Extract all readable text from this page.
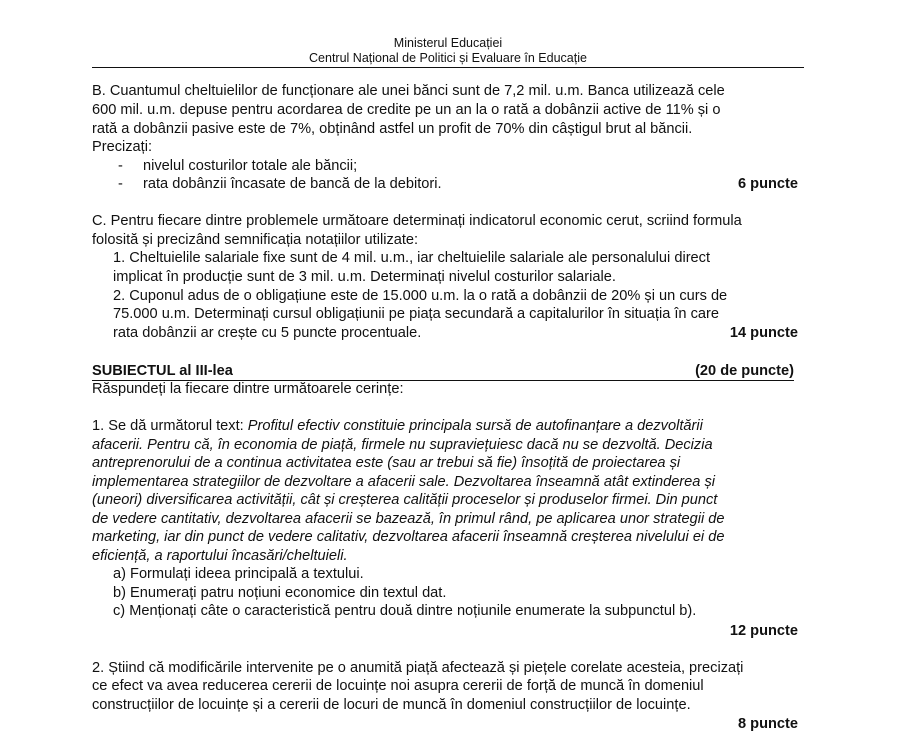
Ministerul Educației
Centrul Național de Politici și Evaluare în Educație
B. Cuantumul cheltuielilor de funcționare ale unei bănci sunt de 7,2 mil. u.m. Banca utilizează cele
600 mil. u.m. depuse pentru acordarea de credite pe un an la o rată a dobânzii active de 11% și o
rată a dobânzii pasive este de 7%, obținând astfel un profit de 70% din câștigul brut al băncii.
Precizați:
- nivelul costurilor totale ale băncii;
- rata dobânzii încasate de bancă de la debitori.	6 puncte
C. Pentru fiecare dintre problemele următoare determinați indicatorul economic cerut, scriind formula
folosită și precizând semnificația notațiilor utilizate:
1. Cheltuielile salariale fixe sunt de 4 mil. u.m., iar cheltuielile salariale ale personalului direct
implicat în producție sunt de 3 mil. u.m. Determinați nivelul costurilor salariale.
2. Cuponul adus de o obligațiune este de 15.000 u.m. la o rată a dobânzii de 20% și un curs de
75.000 u.m. Determinați cursul obligațiunii pe piața secundară a capitalurilor în situația în care
rata dobânzii ar crește cu 5 puncte procentuale.	14 puncte
SUBIECTUL al III-lea	(20 de puncte)
Răspundeți la fiecare dintre următoarele cerințe:
1. Se dă următorul text: Profitul efectiv constituie principala sursă de autofinanțare a dezvoltării
afacerii. Pentru că, în economia de piață, firmele nu supraviețuiesc dacă nu se dezvoltă. Decizia
antreprenorului de a continua activitatea este (sau ar trebui să fie) însoțită de proiectarea și
implementarea strategiilor de dezvoltare a afacerii sale. Dezvoltarea înseamnă atât extinderea și
(uneori) diversificarea activității, cât și creșterea calității proceselor și produselor firmei. Din punct
de vedere cantitativ, dezvoltarea afacerii se bazează, în primul rând, pe aplicarea unor strategii de
marketing, iar din punct de vedere calitativ, dezvoltarea afacerii înseamnă creșterea nivelului ei de
eficiență, a raportului încasări/cheltuieli.
a) Formulați ideea principală a textului.
b) Enumerați patru noțiuni economice din textul dat.
c) Menționați câte o caracteristică pentru două dintre noțiunile enumerate la subpunctul b).
12 puncte
2. Știind că modificările intervenite pe o anumită piață afectează și piețele corelate acesteia, precizați
ce efect va avea reducerea cererii de locuințe noi asupra cererii de forță de muncă în domeniul
construcțiilor de locuințe și a cererii de locuri de muncă în domeniul construcțiilor de locuințe.
8 puncte
